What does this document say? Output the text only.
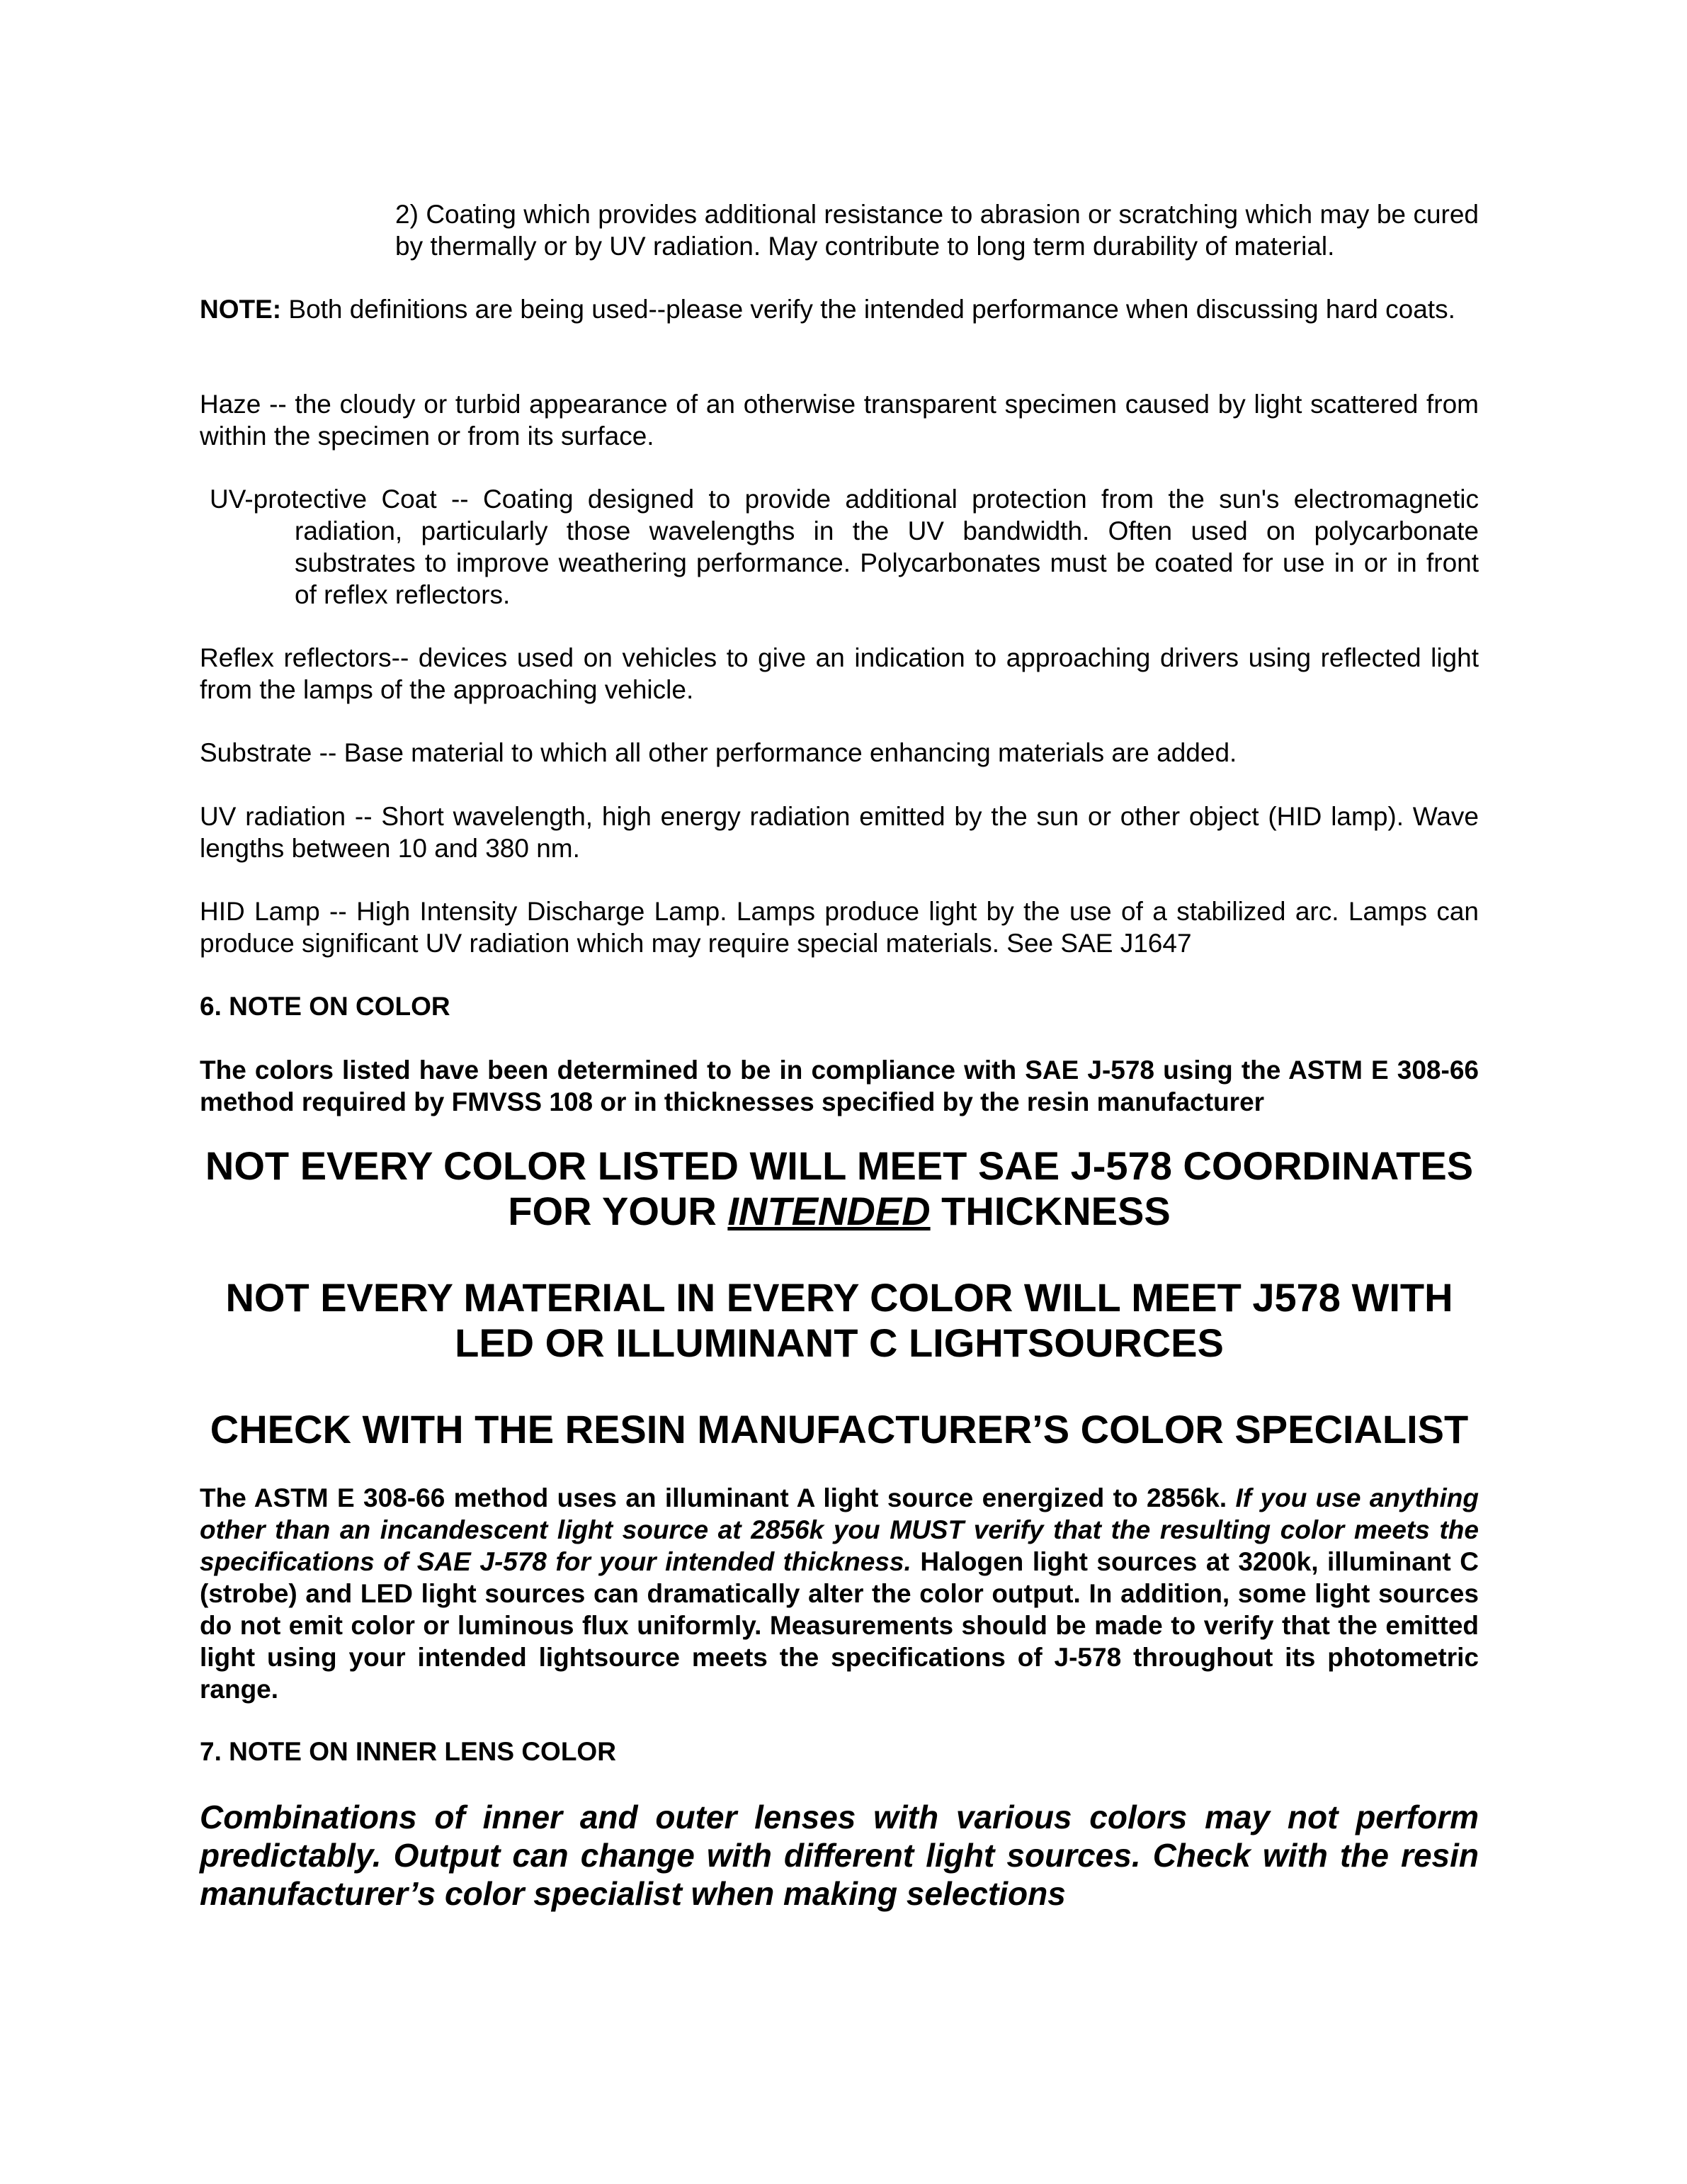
2) Coating which provides additional resistance to abrasion or scratching which may be cured by thermally or by UV radiation. May contribute to long term durability of material.

NOTE: Both definitions are being used--please verify the intended performance when discussing hard coats.

Haze -- the cloudy or turbid appearance of an otherwise transparent specimen caused by light scattered from within the specimen or from its surface.

UV-protective Coat -- Coating designed to provide additional protection from the sun's electromagnetic radiation, particularly those wavelengths in the UV bandwidth. Often used on polycarbonate substrates to improve weathering performance. Polycarbonates must be coated for use in or in front of reflex reflectors.

Reflex reflectors-- devices used on vehicles to give an indication to approaching drivers using reflected light from the lamps of the approaching vehicle.

Substrate -- Base material to which all other performance enhancing materials are added.

UV radiation -- Short wavelength, high energy radiation emitted by the sun or other object (HID lamp). Wave lengths between 10 and 380 nm.

HID Lamp -- High Intensity Discharge Lamp. Lamps produce light by the use of a stabilized arc. Lamps can produce significant UV radiation which may require special materials. See SAE J1647

6. NOTE ON COLOR

The colors listed have been determined to be in compliance with SAE J-578 using the ASTM E 308-66 method required by FMVSS 108 or in thicknesses specified by the resin manufacturer

NOT EVERY COLOR LISTED WILL MEET SAE J-578 COORDINATES
FOR YOUR INTENDED THICKNESS
NOT EVERY MATERIAL IN EVERY COLOR WILL MEET J578 WITH
LED OR ILLUMINANT C LIGHTSOURCES
CHECK WITH THE RESIN MANUFACTURER’S COLOR SPECIALIST

The ASTM E 308-66 method uses an illuminant A light source energized to 2856k. If you use anything other than an incandescent light source at 2856k you MUST verify that the resulting color meets the specifications of SAE J-578 for your intended thickness. Halogen light sources at 3200k, illuminant C (strobe) and LED light sources can dramatically alter the color output. In addition, some light sources do not emit color or luminous flux uniformly. Measurements should be made to verify that the emitted light using your intended lightsource meets the specifications of J-578 throughout its photometric range.

7. NOTE ON INNER LENS COLOR

Combinations of inner and outer lenses with various colors may not perform predictably. Output can change with different light sources. Check with the resin manufacturer’s color specialist when making selections
